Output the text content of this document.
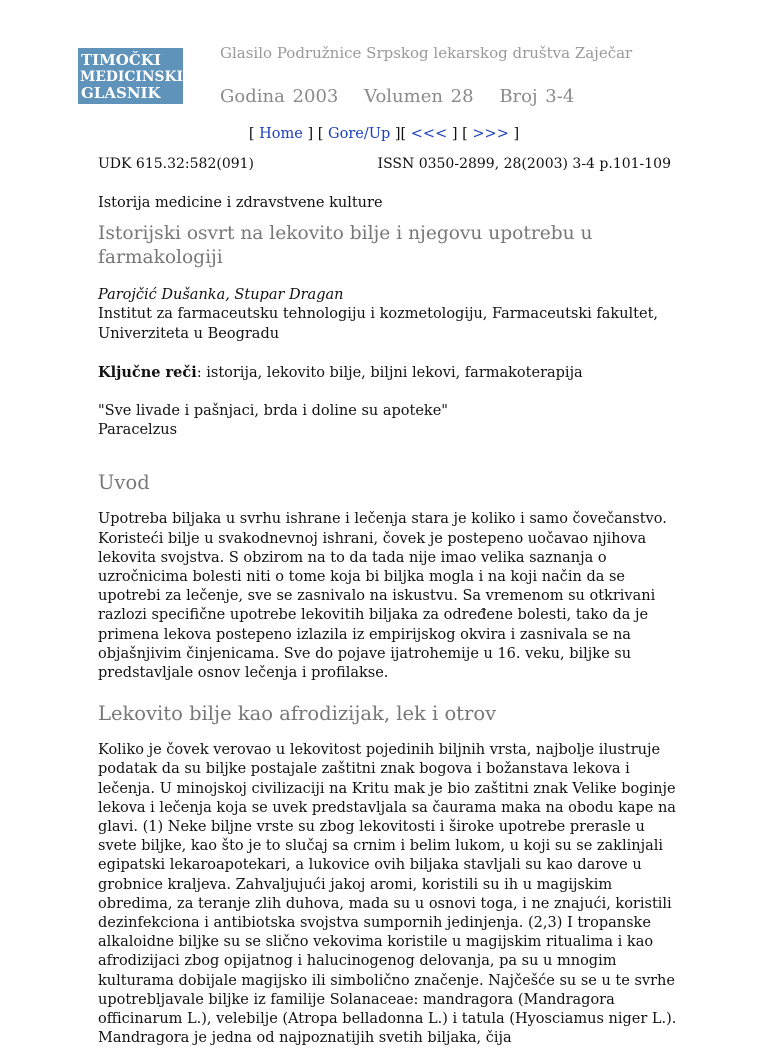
TIMOČKI
MEDICINSKI
GLASNIK
Glasilo Podružnice Srpskog lekarskog društva Zaječar
Godina 2003 Volumen 28 Broj 3-4
[ Home ] [ Gore/Up ][ <<< ] [ >>> ]
UDK 615.32:582(091)	ISSN 0350-2899, 28(2003) 3-4 p.101-109

Istorija medicine i zdravstvene kulture

Istorijski osvrt na lekovito bilje i njegovu upotrebu u farmakologiji

Parojčić Dušanka, Stupar Dragan

Institut za farmaceutsku tehnologiju i kozmetologiju, Farmaceutski fakultet, Univerziteta u Beogradu

Ključne reči: istorija, lekovito bilje, biljni lekovi, farmakoterapija

"Sve livade i pašnjaci, brda i doline su apoteke"

Paracelzus

Uvod

Upotreba biljaka u svrhu ishrane i lečenja stara je koliko i samo čovečanstvo. Koristeći bilje u svakodnevnoj ishrani, čovek je postepeno uočavao njihova lekovita svojstva. S obzirom na to da tada nije imao velika saznanja o uzročnicima bolesti niti o tome koja bi biljka mogla i na koji način da se upotrebi za lečenje, sve se zasnivalo na iskustvu. Sa vremenom su otkrivani razlozi specifične upotrebe lekovitih biljaka za određene bolesti, tako da je primena lekova postepeno izlazila iz empirijskog okvira i zasnivala se na objašnjivim činjenicama. Sve do pojave ijatrohemije u 16. veku, biljke su predstavljale osnov lečenja i profilakse.

Lekovito bilje kao afrodizijak, lek i otrov

Koliko je čovek verovao u lekovitost pojedinih biljnih vrsta, najbolje ilustruje podatak da su biljke postajale zaštitni znak bogova i božanstava lekova i lečenja. U minojskoj civilizaciji na Kritu mak je bio zaštitni znak Velike boginje lekova i lečenja koja se uvek predstavljala sa čaurama maka na obodu kape na glavi. (1) Neke biljne vrste su zbog lekovitosti i široke upotrebe prerasle u svete biljke, kao što je to slučaj sa crnim i belim lukom, u koji su se zaklinjali egipatski lekaroapotekari, a lukovice ovih biljaka stavljali su kao darove u grobnice kraljeva. Zahvaljujući jakoj aromi, koristili su ih u magijskim obredima, za teranje zlih duhova, mada su u osnovi toga, i ne znajući, koristili dezinfekciona i antibiotska svojstva sumpornih jedinjenja. (2,3) I tropanske alkaloidne biljke su se slično vekovima koristile u magijskim ritualima i kao afrodizijaci zbog opijatnog i halucinogenog delovanja, pa su u mnogim kulturama dobijale magijsko ili simbolično značenje. Najčešće su se u te svrhe upotrebljavale biljke iz familije Solanaceae: mandragora (Mandragora officinarum L.), velebilje (Atropa belladonna L.) i tatula (Hyosciamus niger L.). Mandragora je jedna od najpoznatijih svetih biljaka, čija
